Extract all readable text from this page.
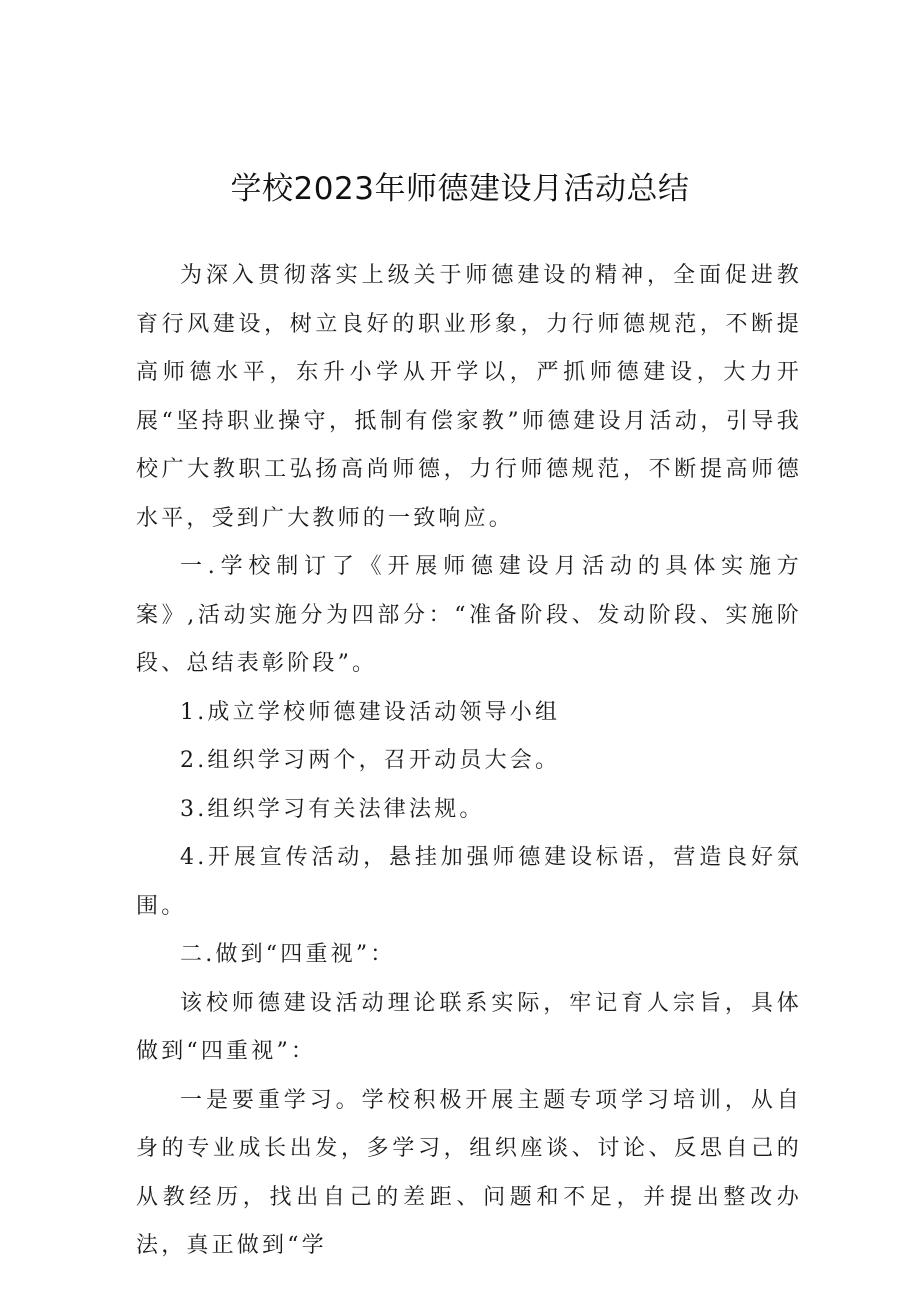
学校2023年师德建设月活动总结

为深入贯彻落实上级关于师德建设的精神，全面促进教育行风建设，树立良好的职业形象，力行师德规范，不断提高师德水平，东升小学从开学以，严抓师德建设，大力开展“坚持职业操守，抵制有偿家教”师德建设月活动，引导我校广大教职工弘扬高尚师德，力行师德规范，不断提高师德水平，受到广大教师的一致响应。

一.学校制订了《开展师德建设月活动的具体实施方案》,活动实施分为四部分：“准备阶段、发动阶段、实施阶段、总结表彰阶段”。

1.成立学校师德建设活动领导小组

2.组织学习两个，召开动员大会。

3.组织学习有关法律法规。

4.开展宣传活动，悬挂加强师德建设标语，营造良好氛围。

二.做到“四重视”：

该校师德建设活动理论联系实际，牢记育人宗旨，具体做到“四重视”：

一是要重学习。学校积极开展主题专项学习培训，从自身的专业成长出发，多学习，组织座谈、讨论、反思自己的从教经历，找出自己的差距、问题和不足，并提出整改办法，真正做到“学
